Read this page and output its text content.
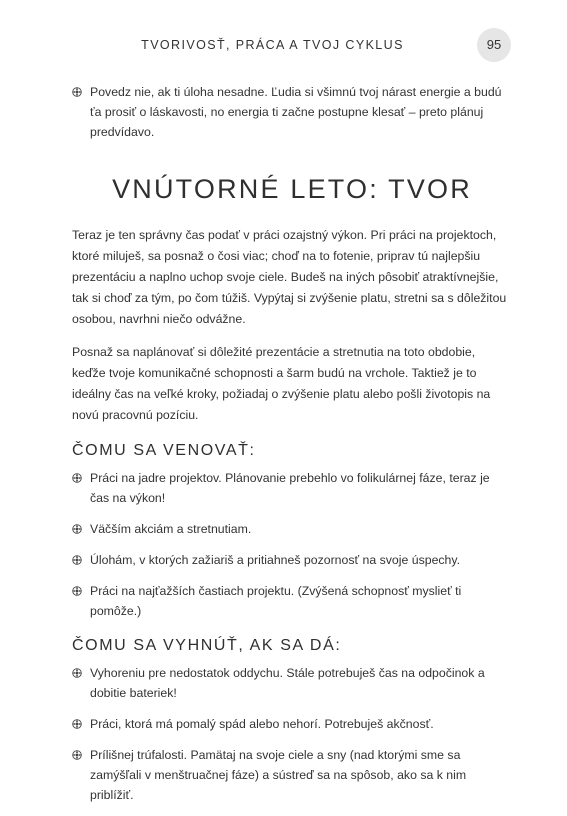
TVORIVOSŤ, PRÁCA A TVOJ CYKLUS	95
Povedz nie, ak ti úloha nesadne. Ľudia si všimnú tvoj nárast energie a budú ťa prosiť o láskavosti, no energia ti začne postupne klesať – preto plánuj predvídavo.
VNÚTORNÉ LETO: TVOR

Teraz je ten správny čas podať v práci ozajstný výkon. Pri práci na projektoch, ktoré miluješ, sa posnaž o čosi viac; choď na to fotenie, priprav tú najlepšiu prezentáciu a naplno uchop svoje ciele. Budeš na iných pôsobiť atraktívnejšie, tak si choď za tým, po čom túžiš. Vypýtaj si zvýšenie platu, stretni sa s dôležitou osobou, navrhni niečo odvážne.

Posnaž sa naplánovať si dôležité prezentácie a stretnutia na toto obdobie, keďže tvoje komunikačné schopnosti a šarm budú na vrchole. Taktiež je to ideálny čas na veľké kroky, požiadaj o zvýšenie platu alebo pošli životopis na novú pracovnú pozíciu.

ČOMU SA VENOVAŤ:
Práci na jadre projektov. Plánovanie prebehlo vo folikulárnej fáze, teraz je čas na výkon!
Väčším akciám a stretnutiam.
Úlohám, v ktorých zažiariš a pritiahneš pozornosť na svoje úspechy.
Práci na najťažších častiach projektu. (Zvýšená schopnosť myslieť ti pomôže.)
ČOMU SA VYHNÚŤ, AK SA DÁ:
Vyhoreniu pre nedostatok oddychu. Stále potrebuješ čas na odpočinok a dobitie bateriek!
Práci, ktorá má pomalý spád alebo nehorí. Potrebuješ akčnosť.
Prílišnej trúfalosti. Pamätaj na svoje ciele a sny (nad ktorými sme sa zamýšľali v menštruačnej fáze) a sústreď sa na spôsob, ako sa k nim priblížiť.
